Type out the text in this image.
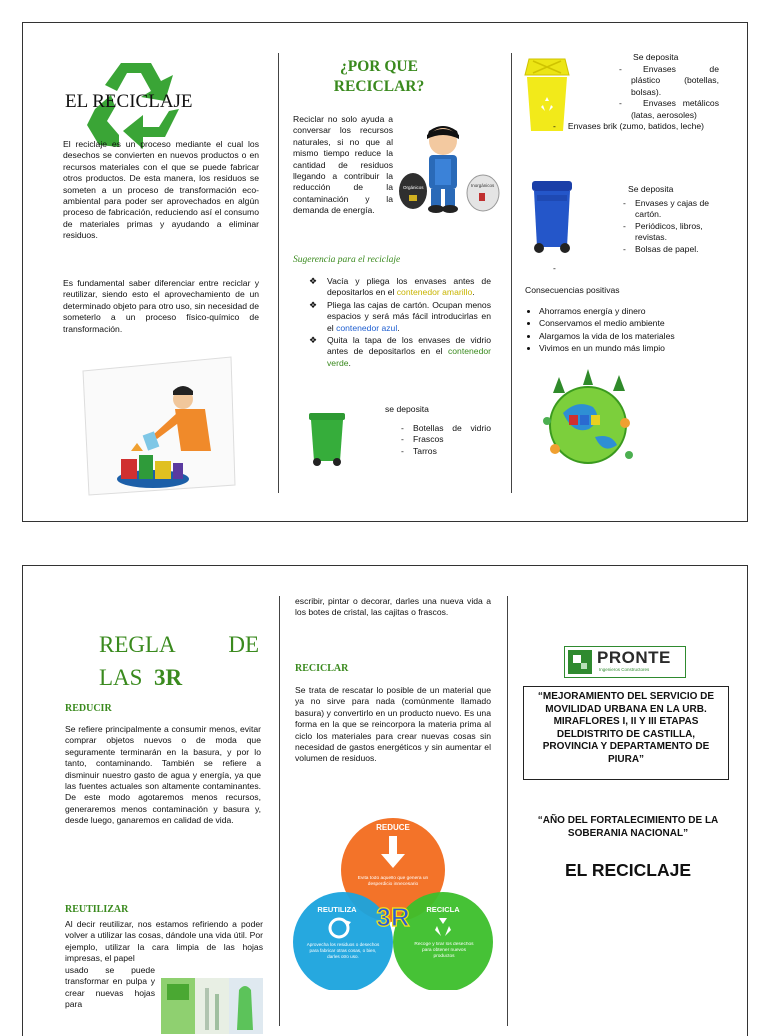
EL RECICLAJE
El reciclaje es un proceso mediante el cual los desechos se convierten en nuevos productos o en recursos materiales con el que se puede fabricar otros productos. De esta manera, los residuos se someten a un proceso de transformación eco-ambiental para poder ser aprovechados en algún proceso de fabricación, reduciendo así el consumo de materiales primas y ayudando a eliminar residuos.
Es fundamental saber diferenciar entre reciclar y reutilizar, siendo esto el aprovechamiento de un determinado objeto para otro uso, sin necesidad de someterlo a un proceso físico-químico de transformación.
¿POR QUE
RECICLAR?
Reciclar no solo ayuda a conversar los recursos naturales, si no que al mismo tiempo reduce la cantidad de residuos llegando a contribuir la reducción de la contaminación y la demanda de energía.
Orgánicos	Inorgánicos
Sugerencia para el reciclaje
❖ Vacía y pliega los envases antes de depositarlos en el contenedor amarillo.
❖ Pliega las cajas de cartón. Ocupan menos espacios y será más fácil introducirlas en el contenedor azul.
❖ Quita la tapa de los envases de vidrio antes de depositarlos en el contenedor verde.
se deposita
- Botellas de vidrio
- Frascos
- Tarros
Se deposita
-	Envases de plástico (botellas, bolsas).
-	Envases metálicos (latas, aerosoles)
- Envases brik (zumo, batidos, leche)
Se deposita
- Envases y cajas de cartón.
- Periódicos, libros, revistas.
- Bolsas de papel.
-
Consecuencias positivas
• Ahorramos energía y dinero
• Conservamos el medio ambiente
• Alargamos la vida de los materiales
• Vivimos en un mundo más limpio
REGLA DE
LAS 3R
REDUCIR
Se refiere principalmente a consumir menos, evitar comprar objetos nuevos o de moda que seguramente terminarán en la basura, y por lo tanto, contaminando. También se refiere a disminuir nuestro gasto de agua y energía, ya que las fuentes actuales son altamente contaminantes. De este modo agotaremos menos recursos, generaremos menos contaminación y basura y, desde luego, ganaremos en calidad de vida.
REUTILIZAR
Al decir reutilizar, nos estamos refiriendo a poder volver a utilizar las cosas, dándole una vida útil. Por ejemplo, utilizar la cara limpia de las hojas impresas, el papel
usado se puede transformar en pulpa y crear nuevas hojas para
escribir, pintar o decorar, darles una nueva vida a los botes de cristal, las cajitas o frascos.
RECICLAR
Se trata de rescatar lo posible de un material que ya no sirve para nada (comúnmente llamado basura) y convertirlo en un producto nuevo. Es una forma en la que se reincorpora la materia prima al ciclo los materiales para crear nuevas cosas sin necesidad de gastos energéticos y sin aumentar el volumen de residuos.
REDUCE
Evita todo aquello que genera un desperdicio innecesario
REUTILIZA
Aprovecha los residuos o desechos para fabricar otras cosas, o bien, darles otro uso.
RECICLA
Recoge y tirar los desechos para obtener nuevos productos
3R
PRONTE
Ingenieros Constructores
“MEJORAMIENTO DEL SERVICIO DE MOVILIDAD URBANA EN LA URB. MIRAFLORES I, II Y III ETAPAS DELDISTRITO DE CASTILLA, PROVINCIA Y DEPARTAMENTO DE PIURA”
“AÑO DEL FORTALECIMIENTO DE LA SOBERANIA NACIONAL”
EL RECICLAJE
